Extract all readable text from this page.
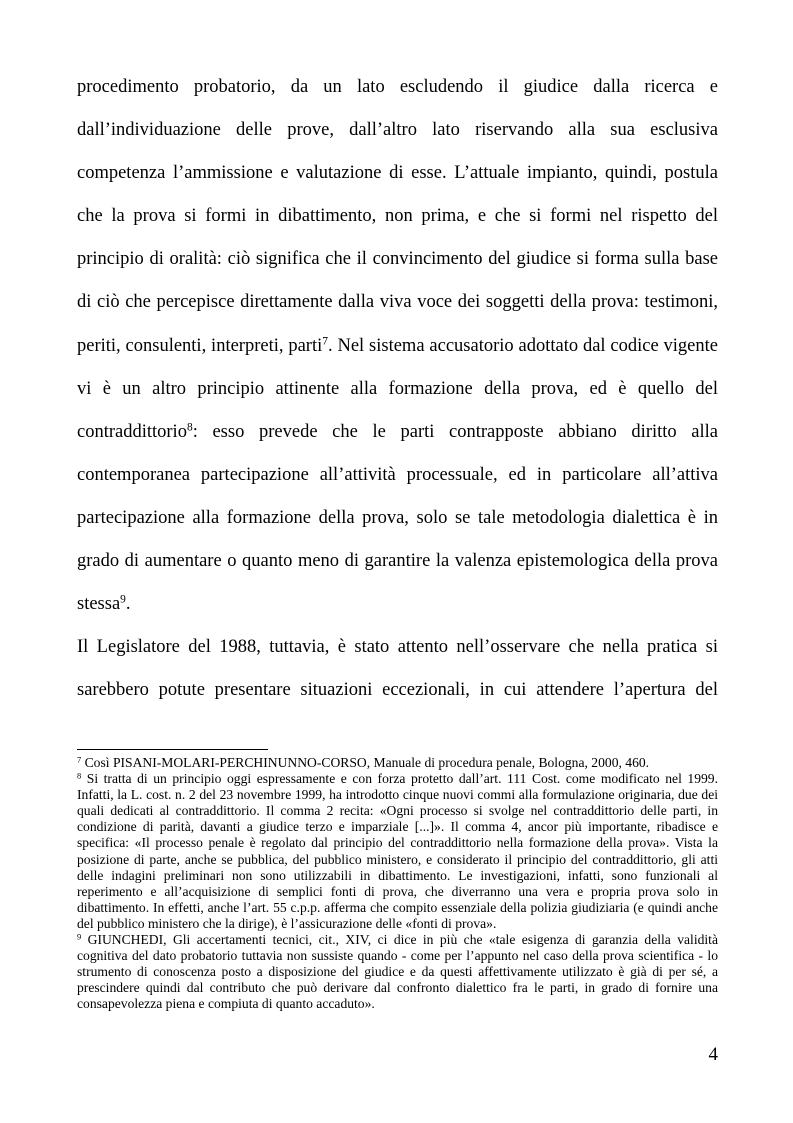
procedimento probatorio, da un lato escludendo il giudice dalla ricerca e dall’individuazione delle prove, dall’altro lato riservando alla sua esclusiva competenza l’ammissione e valutazione di esse. L’attuale impianto, quindi, postula che la prova si formi in dibattimento, non prima, e che si formi nel rispetto del principio di oralità: ciò significa che il convincimento del giudice si forma sulla base di ciò che percepisce direttamente dalla viva voce dei soggetti della prova: testimoni, periti, consulenti, interpreti, parti$^7$. Nel sistema accusatorio adottato dal codice vigente vi è un altro principio attinente alla formazione della prova, ed è quello del contraddittorio$^8$: esso prevede che le parti contrapposte abbiano diritto alla contemporanea partecipazione all’attività processuale, ed in particolare all’attiva partecipazione alla formazione della prova, solo se tale metodologia dialettica è in grado di aumentare o quanto meno di garantire la valenza epistemologica della prova stessa$^9$.

Il Legislatore del 1988, tuttavia, è stato attento nell’osservare che nella pratica si sarebbero potute presentare situazioni eccezionali, in cui attendere l’apertura del

$^7$ Così PISANI-MOLARI-PERCHINUNNO-CORSO, Manuale di procedura penale, Bologna, 2000, 460.

$^8$ Si tratta di un principio oggi espressamente e con forza protetto dall’art. 111 Cost. come modificato nel 1999. Infatti, la L. cost. n. 2 del 23 novembre 1999, ha introdotto cinque nuovi commi alla formulazione originaria, due dei quali dedicati al contraddittorio. Il comma 2 recita: «Ogni processo si svolge nel contraddittorio delle parti, in condizione di parità, davanti a giudice terzo e imparziale [...]». Il comma 4, ancor più importante, ribadisce e specifica: «Il processo penale è regolato dal principio del contraddittorio nella formazione della prova». Vista la posizione di parte, anche se pubblica, del pubblico ministero, e considerato il principio del contraddittorio, gli atti delle indagini preliminari non sono utilizzabili in dibattimento. Le investigazioni, infatti, sono funzionali al reperimento e all’acquisizione di semplici fonti di prova, che diverranno una vera e propria prova solo in dibattimento. In effetti, anche l’art. 55 c.p.p. afferma che compito essenziale della polizia giudiziaria (e quindi anche del pubblico ministero che la dirige), è l’assicurazione delle «fonti di prova».

$^9$ GIUNCHEDI, Gli accertamenti tecnici, cit., XIV, ci dice in più che «tale esigenza di garanzia della validità cognitiva del dato probatorio tuttavia non sussiste quando - come per l’appunto nel caso della prova scientifica - lo strumento di conoscenza posto a disposizione del giudice e da questi affettivamente utilizzato è già di per sé, a prescindere quindi dal contributo che può derivare dal confronto dialettico fra le parti, in grado di fornire una consapevolezza piena e compiuta di quanto accaduto».

4
